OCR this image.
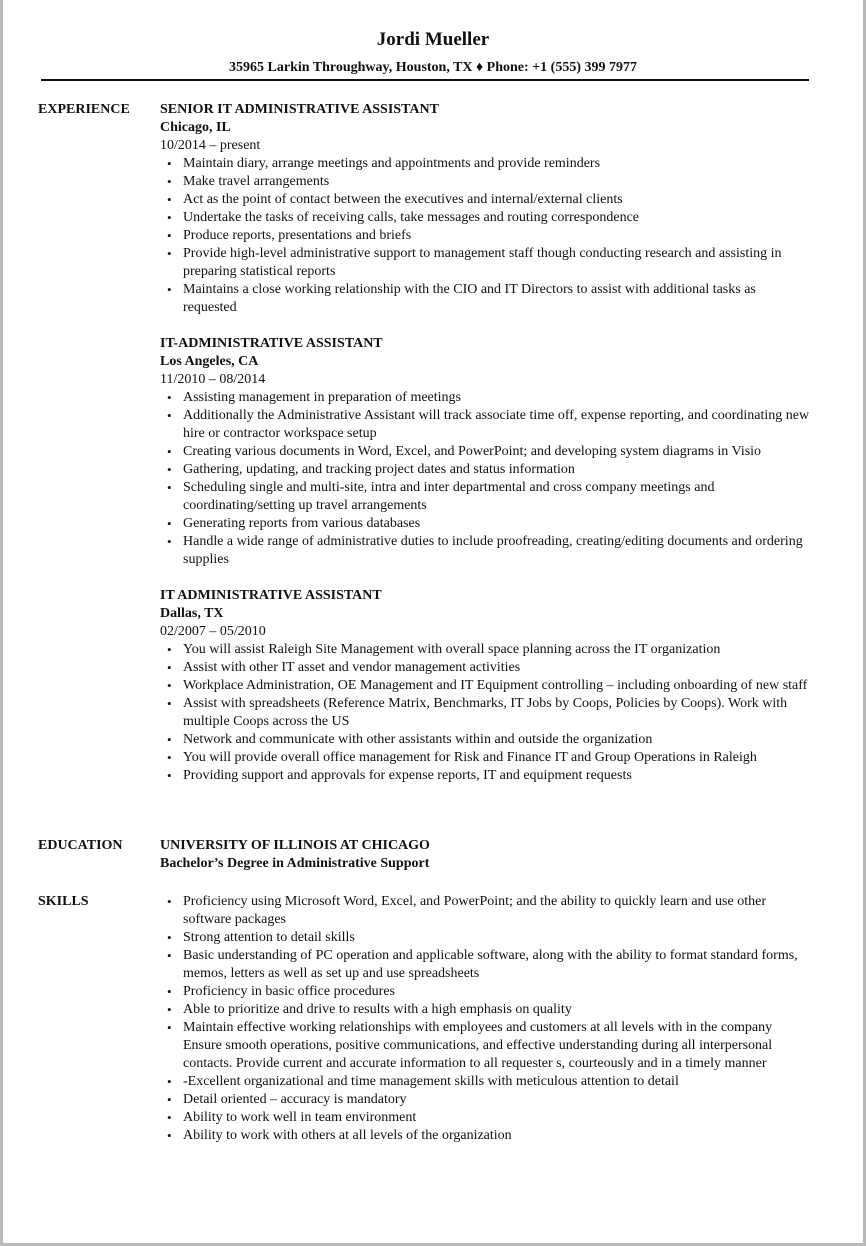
Jordi Mueller
35965 Larkin Throughway, Houston, TX ♦ Phone: +1 (555) 399 7977
EXPERIENCE SENIOR IT ADMINISTRATIVE ASSISTANT
Chicago, IL
10/2014 – present
• Maintain diary, arrange meetings and appointments and provide reminders
• Make travel arrangements
• Act as the point of contact between the executives and internal/external clients
• Undertake the tasks of receiving calls, take messages and routing correspondence
• Produce reports, presentations and briefs
• Provide high-level administrative support to management staff though conducting research and assisting in preparing statistical reports
• Maintains a close working relationship with the CIO and IT Directors to assist with additional tasks as requested
IT-ADMINISTRATIVE ASSISTANT
Los Angeles, CA
11/2010 – 08/2014
• Assisting management in preparation of meetings
• Additionally the Administrative Assistant will track associate time off, expense reporting, and coordinating new hire or contractor workspace setup
• Creating various documents in Word, Excel, and PowerPoint; and developing system diagrams in Visio
• Gathering, updating, and tracking project dates and status information
• Scheduling single and multi-site, intra and inter departmental and cross company meetings and coordinating/setting up travel arrangements
• Generating reports from various databases
• Handle a wide range of administrative duties to include proofreading, creating/editing documents and ordering supplies
IT ADMINISTRATIVE ASSISTANT
Dallas, TX
02/2007 – 05/2010
• You will assist Raleigh Site Management with overall space planning across the IT organization
• Assist with other IT asset and vendor management activities
• Workplace Administration, OE Management and IT Equipment controlling – including onboarding of new staff
• Assist with spreadsheets (Reference Matrix, Benchmarks, IT Jobs by Coops, Policies by Coops). Work with multiple Coops across the US
• Network and communicate with other assistants within and outside the organization
• You will provide overall office management for Risk and Finance IT and Group Operations in Raleigh
• Providing support and approvals for expense reports, IT and equipment requests
EDUCATION	UNIVERSITY OF ILLINOIS AT CHICAGO
Bachelor’s Degree in Administrative Support
SKILLS
•	Proficiency using Microsoft Word, Excel, and PowerPoint; and the ability to quickly learn and use other software packages
• Strong attention to detail skills
• Basic understanding of PC operation and applicable software, along with the ability to format standard forms, memos, letters as well as set up and use spreadsheets
• Proficiency in basic office procedures
• Able to prioritize and drive to results with a high emphasis on quality
• Maintain effective working relationships with employees and customers at all levels with in the company Ensure smooth operations, positive communications, and effective understanding during all interpersonal contacts. Provide current and accurate information to all requester s, courteously and in a timely manner
• -Excellent organizational and time management skills with meticulous attention to detail
• Detail oriented – accuracy is mandatory
• Ability to work well in team environment
• Ability to work with others at all levels of the organization
